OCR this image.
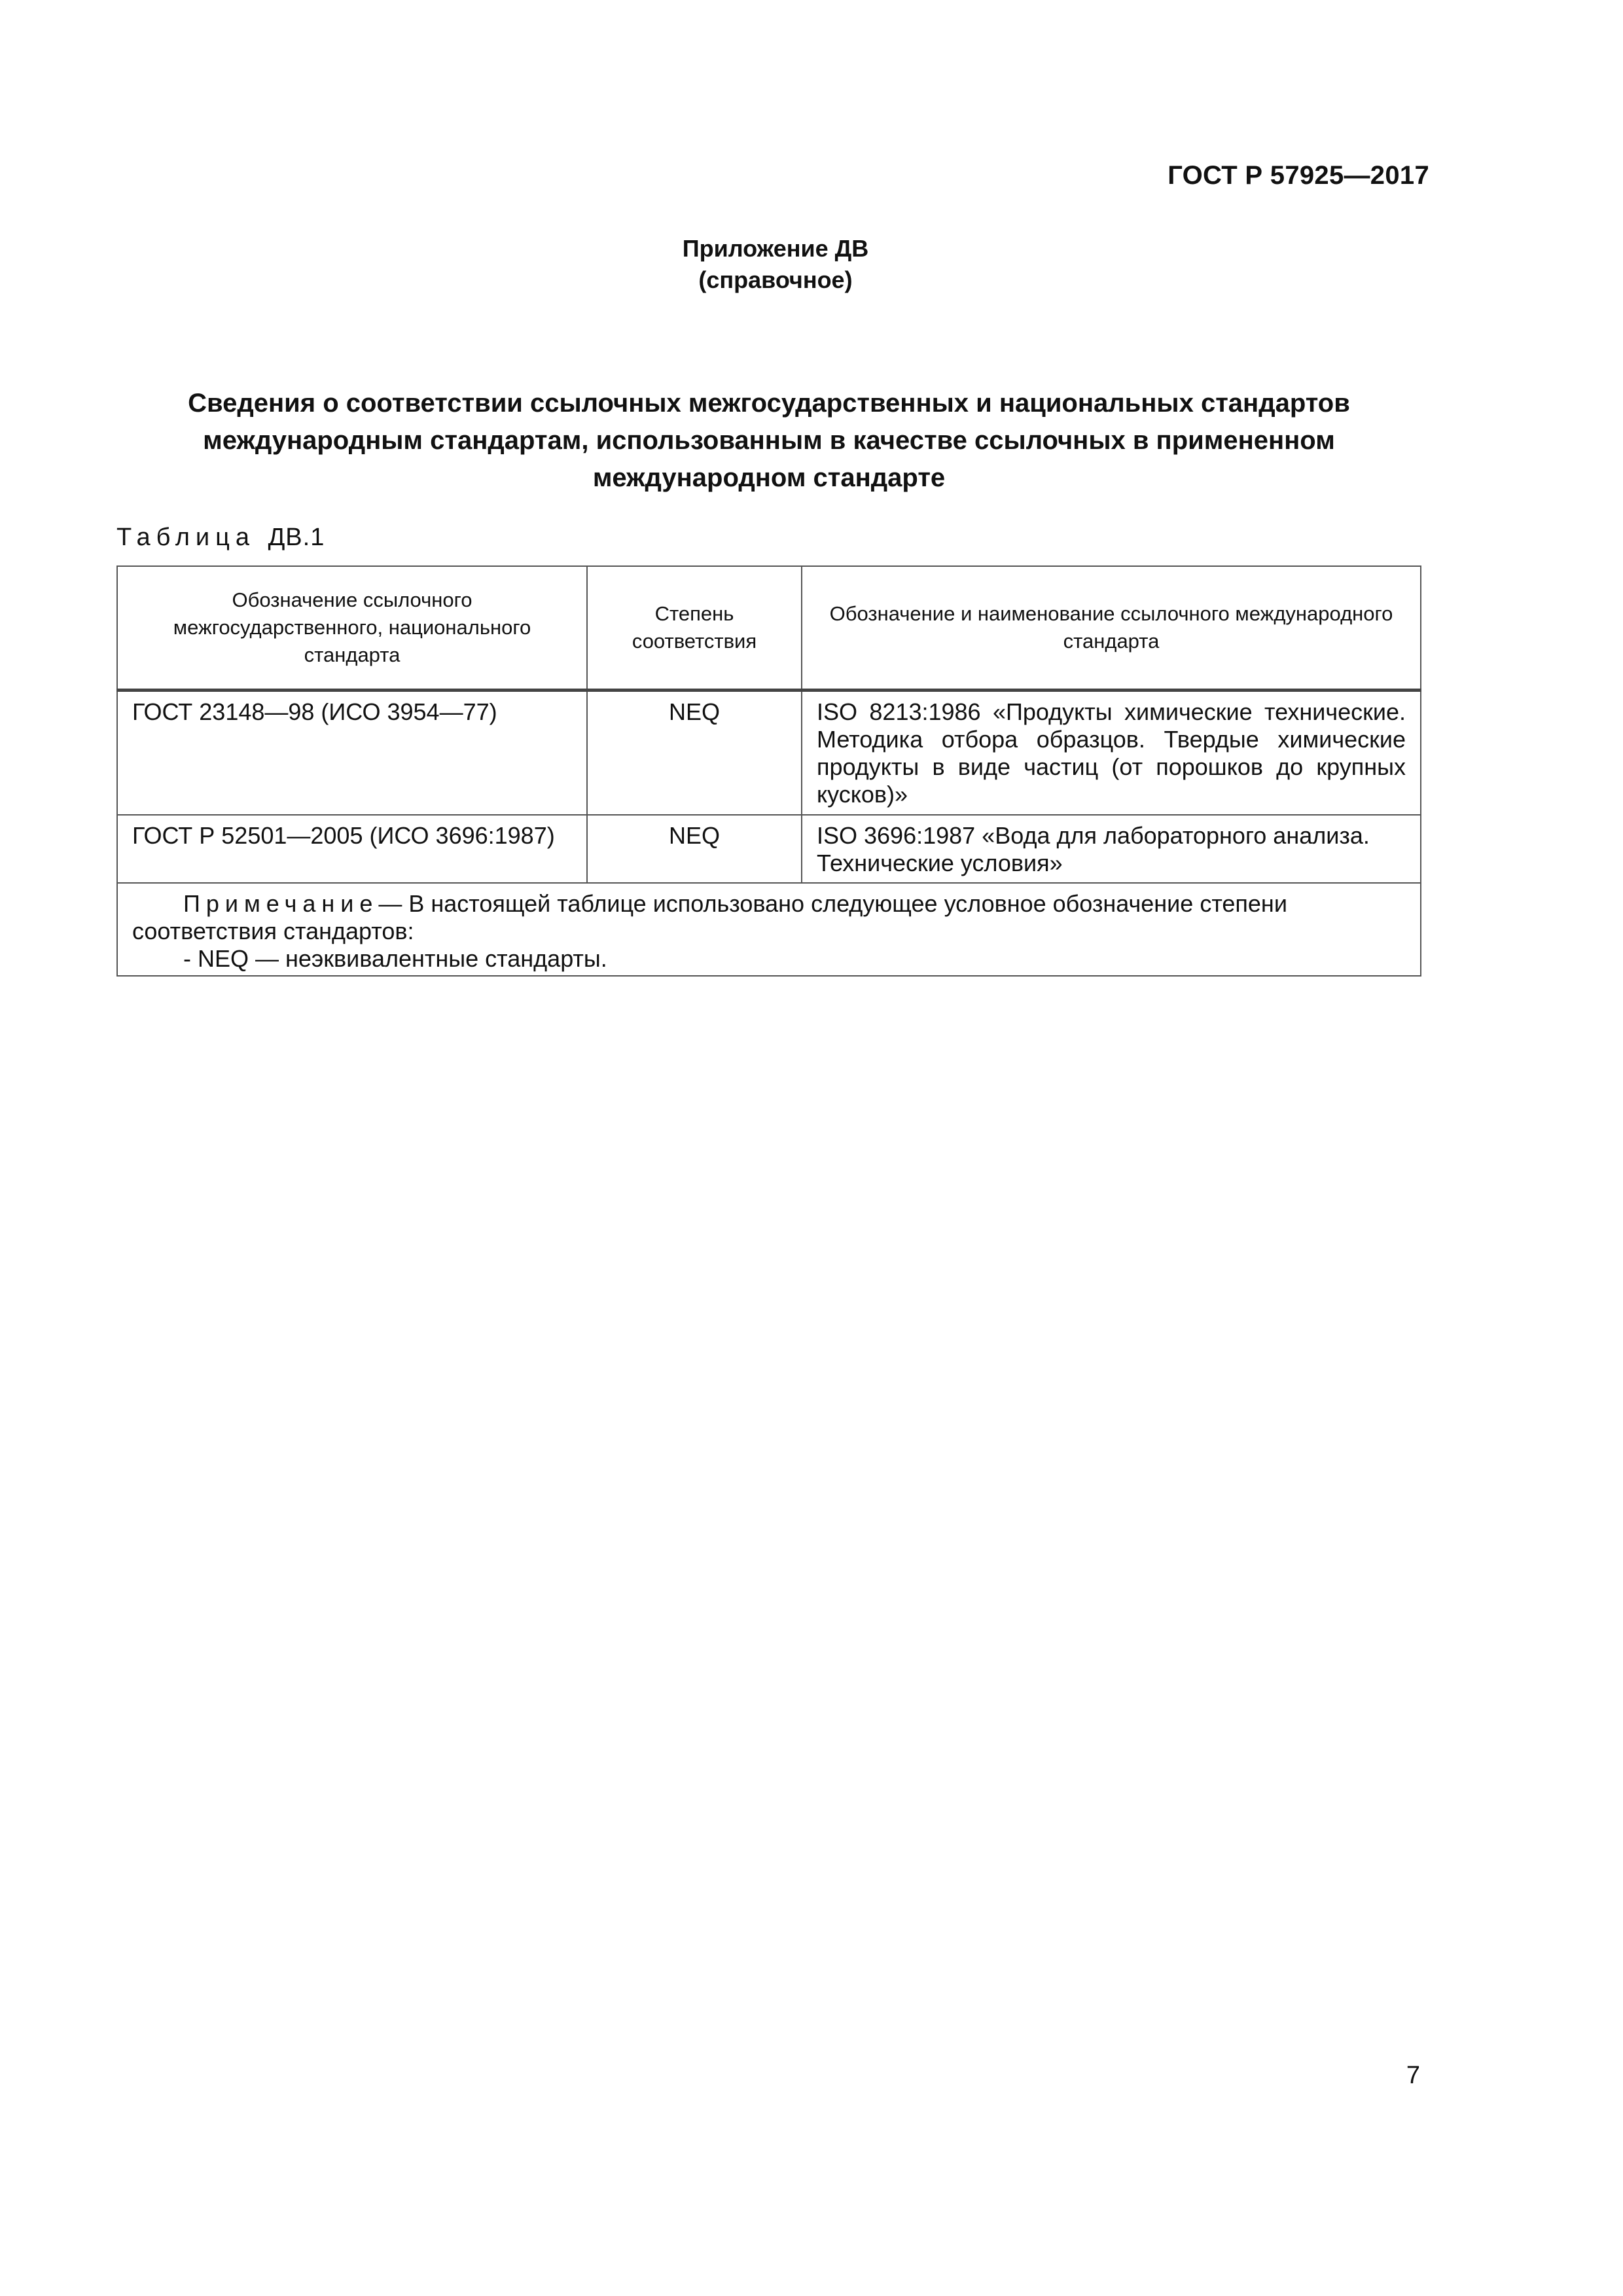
ГОСТ Р 57925—2017
Приложение ДВ
(справочное)
Сведения о соответствии ссылочных межгосударственных и национальных стандартов
международным стандартам, использованным в качестве ссылочных в примененном
международном стандарте
Таблица ДВ.1
Обозначение ссылочного межгосударственного, национального стандарта	Степень соответствия	Обозначение и наименование ссылочного международного стандарта
ГОСТ 23148—98 (ИСО 3954—77)	NEQ	ISO 8213:1986 «Продукты химические технические. Методика отбора образцов. Твердые химические продукты в виде частиц (от порошков до крупных кусков)»
ГОСТ Р 52501—2005 (ИСО 3696:1987)	NEQ	ISO 3696:1987 «Вода для лабораторного анализа. Технические условия»

Примечание— В настоящей таблице использовано следующее условное обозначение степени соответствия стандартов:
- NEQ — неэквивалентные стандарты.		
7
